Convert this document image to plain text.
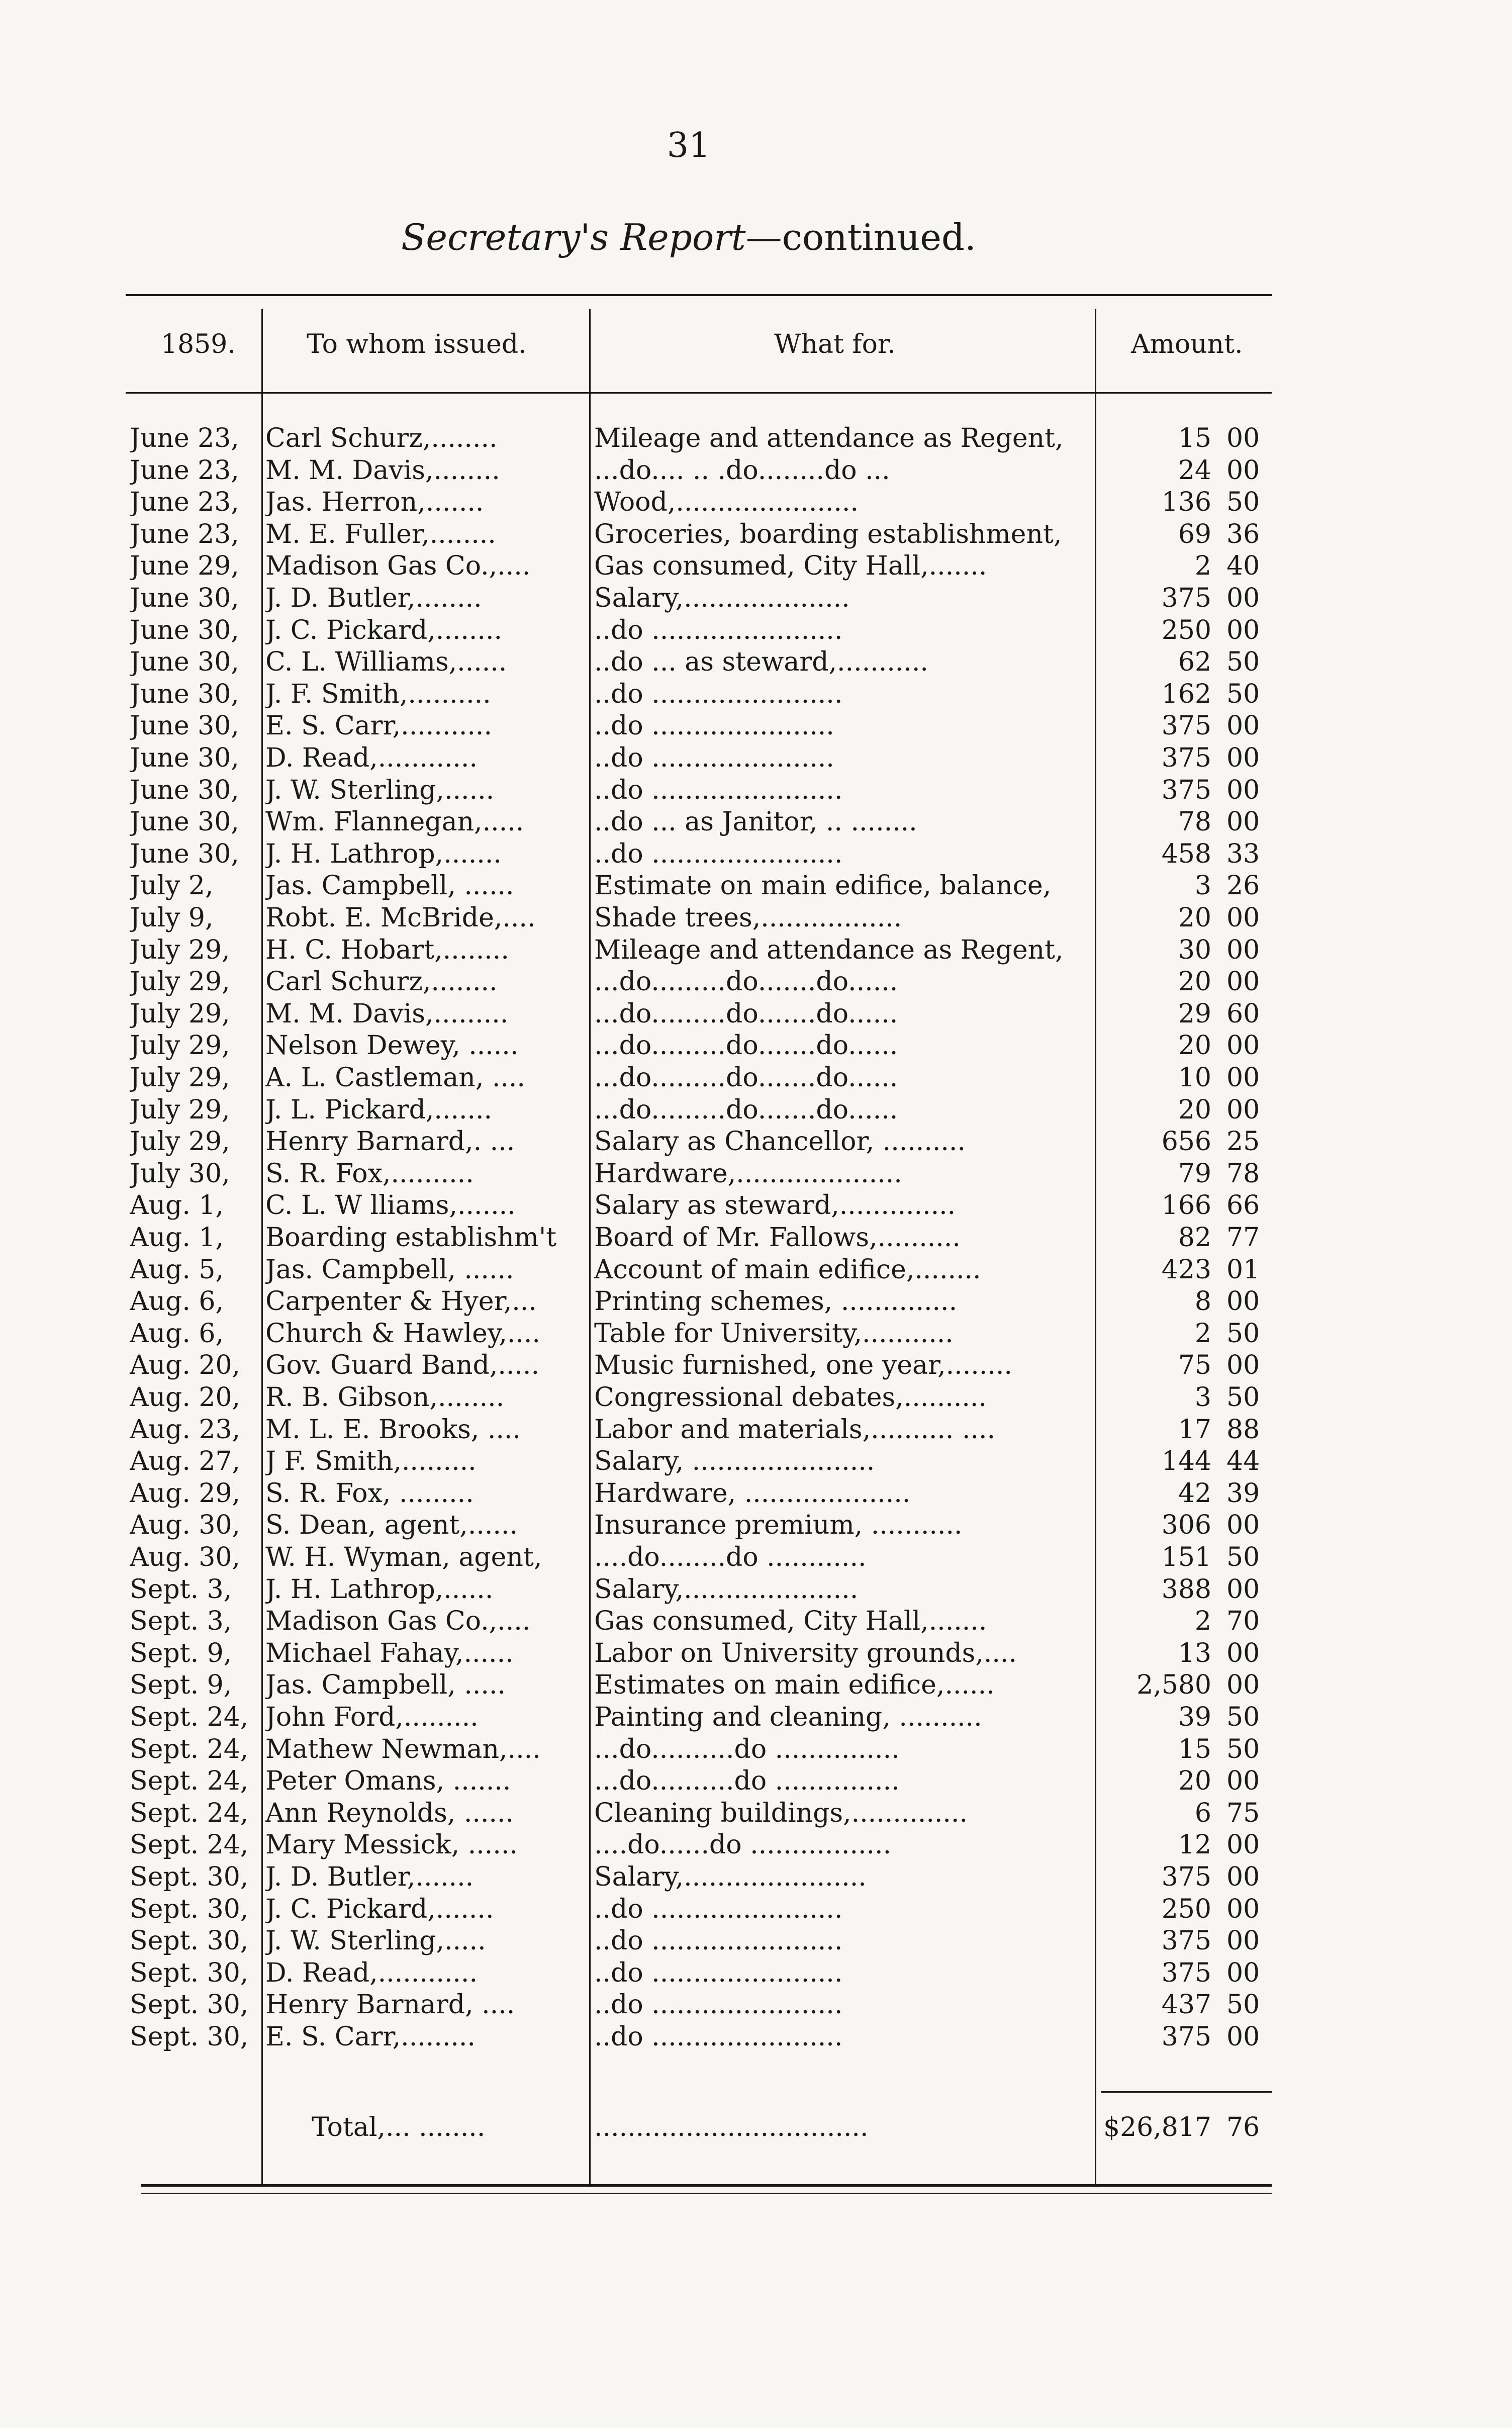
31
Secretary's Report—continued.
1859.	To whom issued.	What for.	Amount.
June 23,	Carl Schurz,........	Mileage and attendance as Regent,	15 00
June 23,	M. M. Davis,........	...do.... .. .do........do ...	24 00
June 23,	Jas. Herron,.......	Wood,......................	136 50
June 23,	M. E. Fuller,........	Groceries, boarding establishment,	69 36
June 29,	Madison Gas Co.,....	Gas consumed, City Hall,.......	2 40
June 30,	J. D. Butler,........	Salary,....................	375 00
June 30,	J. C. Pickard,........	..do .......................	250 00
June 30,	C. L. Williams,......	..do ... as steward,...........	62 50
June 30,	J. F. Smith,..........	..do .......................	162 50
June 30,	E. S. Carr,...........	..do ......................	375 00
June 30,	D. Read,............	..do ......................	375 00
June 30,	J. W. Sterling,......	..do .......................	375 00
June 30,	Wm. Flannegan,.....	..do ... as Janitor, .. ........	78 00
June 30,	J. H. Lathrop,.......	..do .......................	458 33
July 2,	Jas. Campbell, ......	Estimate on main edifice, balance,	3 26
July 9,	Robt. E. McBride,....	Shade trees,.................	20 00
July 29,	H. C. Hobart,........	Mileage and attendance as Regent,	30 00
July 29,	Carl Schurz,........	...do.........do.......do......	20 00
July 29,	M. M. Davis,.........	...do.........do.......do......	29 60
July 29,	Nelson Dewey, ......	...do.........do.......do......	20 00
July 29,	A. L. Castleman, ....	...do.........do.......do......	10 00
July 29,	J. L. Pickard,.......	...do.........do.......do......	20 00
July 29,	Henry Barnard,. ...	Salary as Chancellor, ..........	656 25
July 30,	S. R. Fox,..........	Hardware,....................	79 78
Aug. 1,	C. L. W lliams,.......	Salary as steward,..............	166 66
Aug. 1,	Boarding establishm't	Board of Mr. Fallows,..........	82 77
Aug. 5,	Jas. Campbell, ......	Account of main edifice,........	423 01
Aug. 6,	Carpenter & Hyer,...	Printing schemes, ..............	8 00
Aug. 6,	Church & Hawley,....	Table for University,...........	2 50
Aug. 20, Gov. Guard Band,.....	Music furnished, one year,........	75 00
Aug. 20, R. B. Gibson,........	Congressional debates,..........	3 50
Aug. 23, M. L. E. Brooks, ....	Labor and materials,.......... ....	17 88
Aug. 27, J F. Smith,.........	Salary, ......................	144 44
Aug. 29, S. R. Fox, .........	Hardware, ....................	42 39
Aug. 30, S. Dean, agent,......	Insurance premium, ...........	306 00
Aug. 30, W. H. Wyman, agent,	....do........do ............	151 50
Sept. 3,	J. H. Lathrop,......	Salary,.....................	388 00
Sept. 3,	Madison Gas Co.,....	Gas consumed, City Hall,.......	2 70
Sept. 9,	Michael Fahay,......	Labor on University grounds,....	13 00
Sept. 9,	Jas. Campbell, .....	Estimates on main edifice,......	2,580 00
Sept. 24, John Ford,.........	Painting and cleaning, ..........	39 50
Sept. 24, Mathew Newman,....	...do..........do ...............	15 50
Sept. 24, Peter Omans, .......	...do..........do ...............	20 00
Sept. 24, Ann Reynolds, ......	Cleaning buildings,..............	6 75
Sept. 24, Mary Messick, ......	....do......do .................	12 00
Sept. 30, J. D. Butler,.......	Salary,......................	375 00
Sept. 30, J. C. Pickard,.......	..do .......................	250 00
Sept. 30, J. W. Sterling,.....	..do .......................	375 00
Sept. 30, D. Read,............	..do .......................	375 00
Sept. 30, Henry Barnard, ....	..do .......................	437 50
Sept. 30, E. S. Carr,.........	..do .......................	375 00
Total,... ........	.................................	$26,817 76
